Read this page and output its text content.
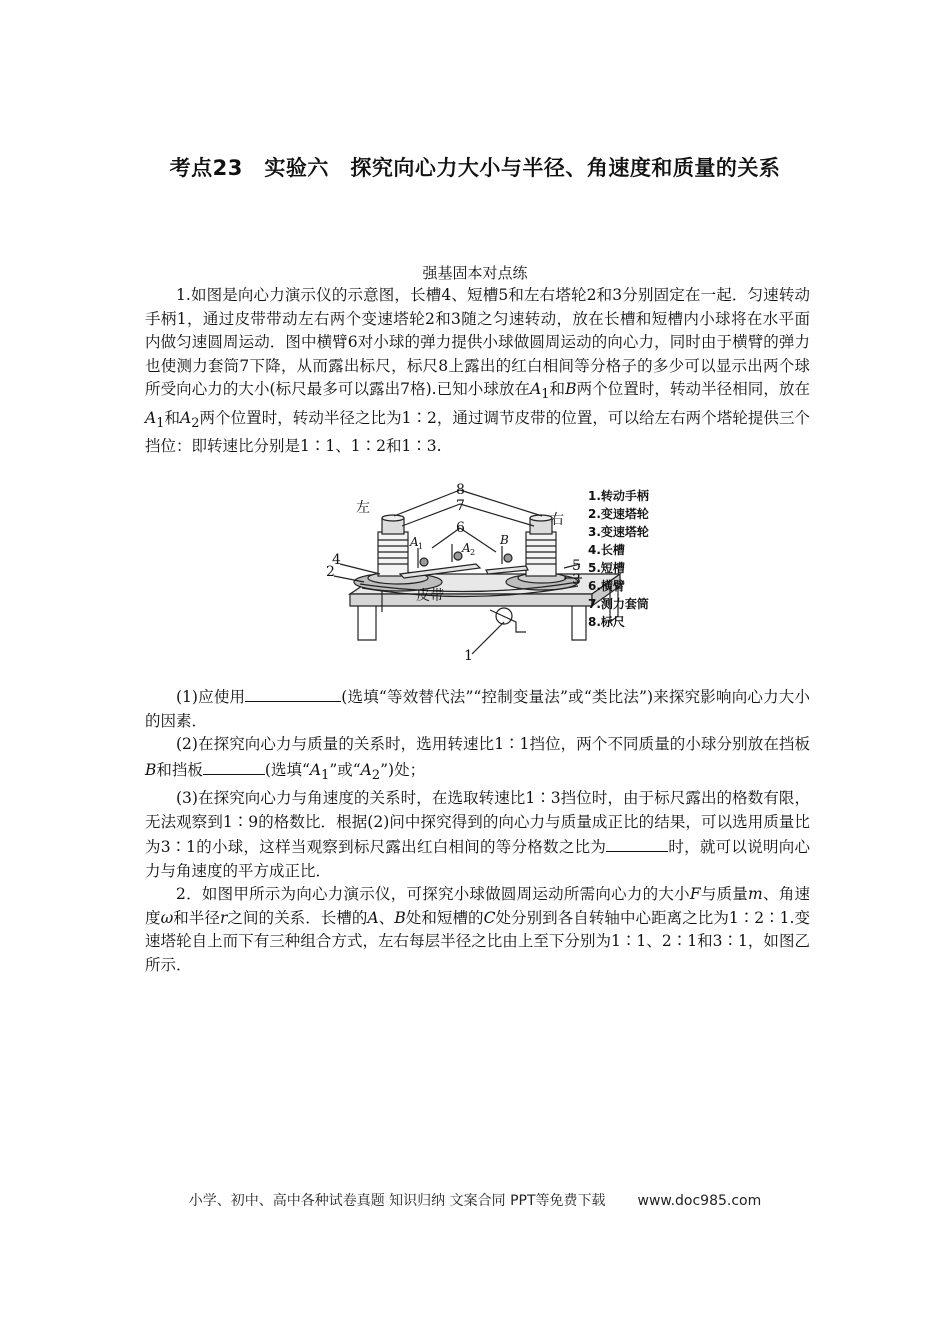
考点23　实验六　探究向心力大小与半径、角速度和质量的关系
强基固本对点练

1.如图是向心力演示仪的示意图，长槽4、短槽5和左右塔轮2和3分别固定在一起．匀速转动手柄1，通过皮带带动左右两个变速塔轮2和3随之匀速转动，放在长槽和短槽内小球将在水平面内做匀速圆周运动．图中横臂6对小球的弹力提供小球做圆周运动的向心力，同时由于横臂的弹力也使测力套筒7下降，从而露出标尺，标尺8上露出的红白相间等分格子的多少可以显示出两个球所受向心力的大小(标尺最多可以露出7格).已知小球放在$A_1$和B两个位置时，转动半径相同，放在$A_1$和$A_2$两个位置时，转动半径之比为1∶2，通过调节皮带的位置，可以给左右两个塔轮提供三个挡位：即转速比分别是1∶1、1∶2和1∶3.

左
右
8
7
6
4
2	5
3
1
皮带
A 1	A 2
B
1.转动手柄
2.变速塔轮
3.变速塔轮
4.长槽
5.短槽
6.横臂
7.测力套筒
8.标尺

(1)应使用	(选填“等效替代法”“控制变量法”或“类比法”)来探究影响向心力大小的因素．

(2)在探究向心力与质量的关系时，选用转速比1∶1挡位，两个不同质量的小球分别放在挡板B和挡板	(选填“$A_1$”或“$A_2$”)处；

(3)在探究向心力与角速度的关系时，在选取转速比1∶3挡位时，由于标尺露出的格数有限，无法观察到1∶9的格数比．根据(2)问中探究得到的向心力与质量成正比的结果，可以选用质量比为3∶1的小球，这样当观察到标尺露出红白相间的等分格数之比为	时，就可以说明向心力与角速度的平方成正比．

2．如图甲所示为向心力演示仪，可探究小球做圆周运动所需向心力的大小F与质量m、角速度ω和半径r之间的关系．长槽的A、B处和短槽的C处分别到各自转轴中心距离之比为1∶2∶1.变速塔轮自上而下有三种组合方式，左右每层半径之比由上至下分别为1∶1、2∶1和3∶1，如图乙所示．

小学、初中、高中各种试卷真题 知识归纳 文案合同 PPT等免费下载 www.doc985.com
